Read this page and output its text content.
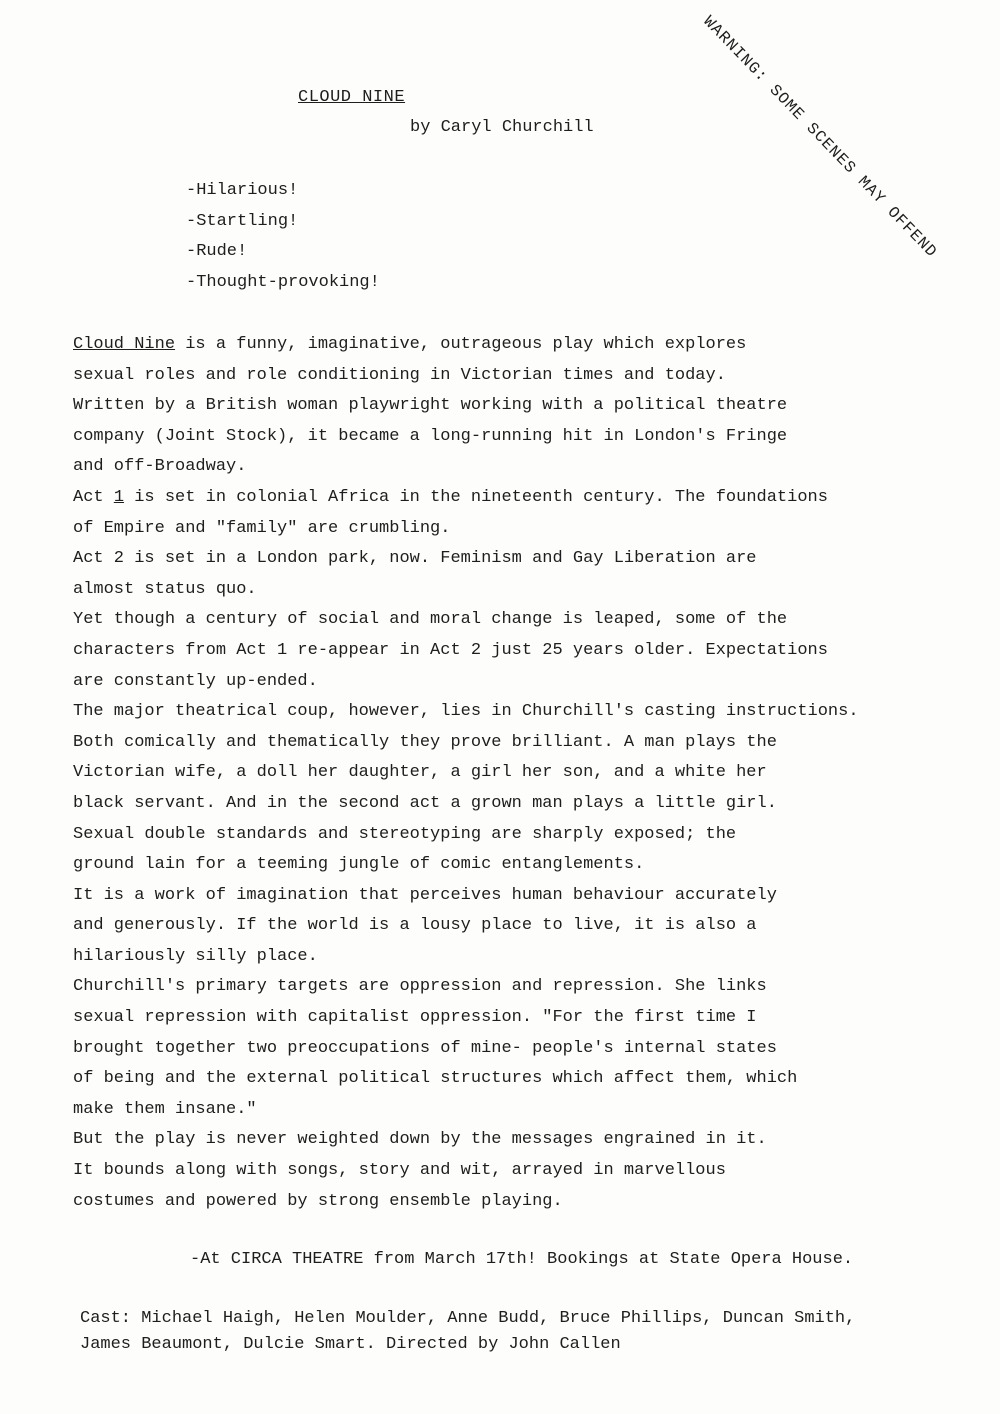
CLOUD NINE
by Caryl Churchill	WARNING: SOME SCENES MAY OFFEND
-Hilarious!
-Startling!
-Rude!
-Thought-provoking!
Cloud Nine is a funny, imaginative, outrageous play which explores
sexual roles and role conditioning in Victorian times and today.
Written by a British woman playwright working with a political theatre
company (Joint Stock), it became a long-running hit in London's Fringe
and off-Broadway.
Act 1 is set in colonial Africa in the nineteenth century. The foundations
of Empire and "family" are crumbling.
Act 2 is set in a London park, now. Feminism and Gay Liberation are
almost status quo.
Yet though a century of social and moral change is leaped, some of the
characters from Act 1 re-appear in Act 2 just 25 years older. Expectations
are constantly up-ended.
The major theatrical coup, however, lies in Churchill's casting instructions.
Both comically and thematically they prove brilliant. A man plays the
Victorian wife, a doll her daughter, a girl her son, and a white her
black servant. And in the second act a grown man plays a little girl.
Sexual double standards and stereotyping are sharply exposed; the
ground lain for a teeming jungle of comic entanglements.
It is a work of imagination that perceives human behaviour accurately
and generously. If the world is a lousy place to live, it is also a
hilariously silly place.
Churchill's primary targets are oppression and repression. She links
sexual repression with capitalist oppression. "For the first time I
brought together two preoccupations of mine- people's internal states
of being and the external political structures which affect them, which
make them insane."
But the play is never weighted down by the messages engrained in it.
It bounds along with songs, story and wit, arrayed in marvellous
costumes and powered by strong ensemble playing.
-At CIRCA THEATRE from March 17th! Bookings at State Opera House.
Cast: Michael Haigh, Helen Moulder, Anne Budd, Bruce Phillips, Duncan Smith,
James Beaumont, Dulcie Smart. Directed by John Callen
